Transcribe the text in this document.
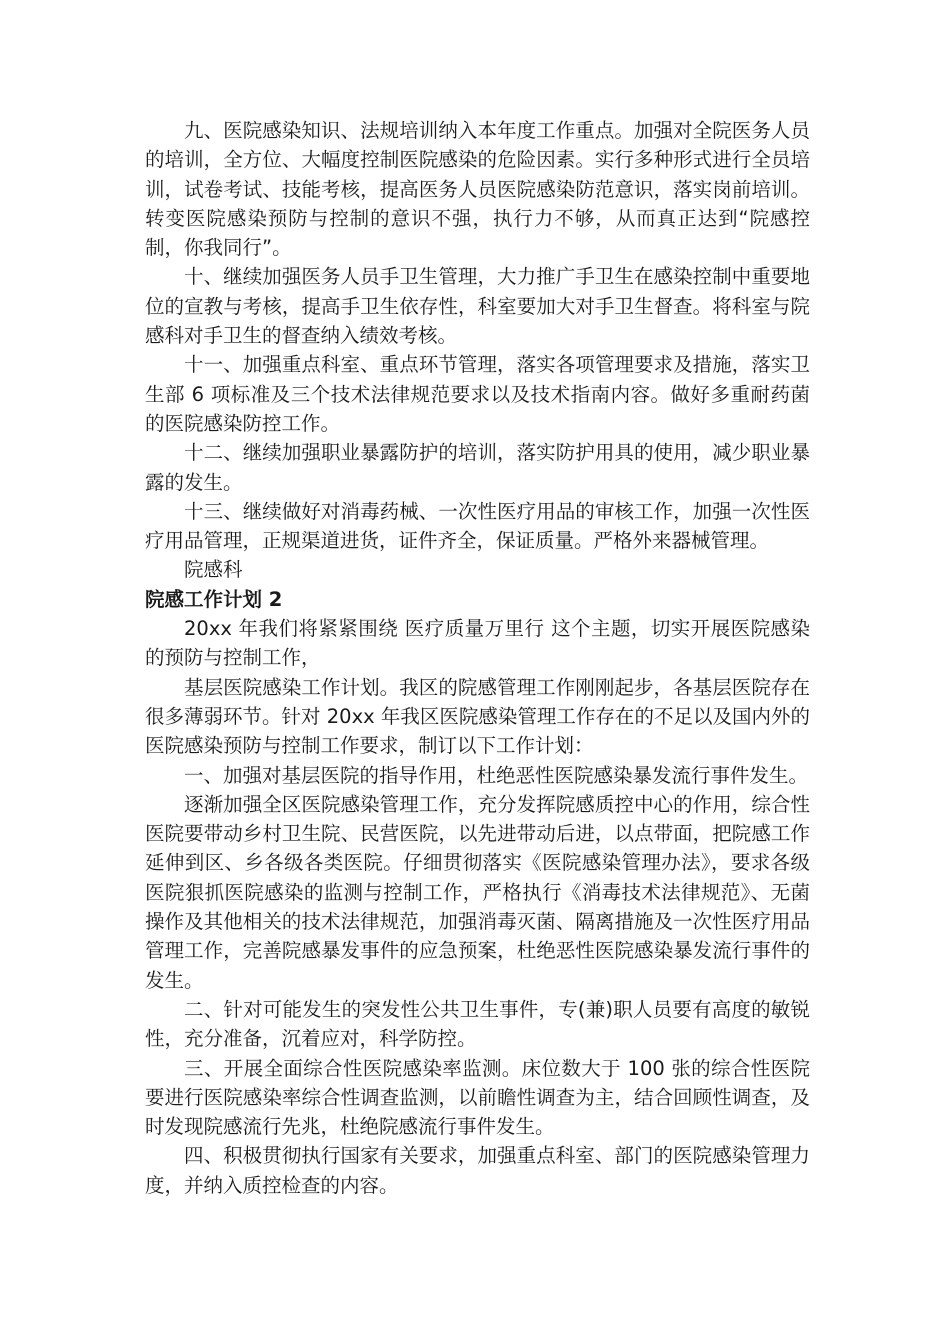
九、医院感染知识、法规培训纳入本年度工作重点。加强对全院医务人员的培训，全方位、大幅度控制医院感染的危险因素。实行多种形式进行全员培训，试卷考试、技能考核，提高医务人员医院感染防范意识，落实岗前培训。转变医院感染预防与控制的意识不强，执行力不够，从而真正达到“院感控制，你我同行”。

十、继续加强医务人员手卫生管理，大力推广手卫生在感染控制中重要地位的宣教与考核，提高手卫生依存性，科室要加大对手卫生督查。将科室与院感科对手卫生的督查纳入绩效考核。

十一、加强重点科室、重点环节管理，落实各项管理要求及措施，落实卫生部 6 项标准及三个技术法律规范要求以及技术指南内容。做好多重耐药菌的医院感染防控工作。

十二、继续加强职业暴露防护的培训，落实防护用具的使用，减少职业暴露的发生。

十三、继续做好对消毒药械、一次性医疗用品的审核工作，加强一次性医疗用品管理，正规渠道进货，证件齐全，保证质量。严格外来器械管理。

院感科

院感工作计划 2

20xx 年我们将紧紧围绕 医疗质量万里行 这个主题，切实开展医院感染的预防与控制工作，

基层医院感染工作计划。我区的院感管理工作刚刚起步，各基层医院存在很多薄弱环节。针对 20xx 年我区医院感染管理工作存在的不足以及国内外的医院感染预防与控制工作要求，制订以下工作计划：

一、加强对基层医院的指导作用，杜绝恶性医院感染暴发流行事件发生。

逐渐加强全区医院感染管理工作，充分发挥院感质控中心的作用，综合性医院要带动乡村卫生院、民营医院，以先进带动后进，以点带面，把院感工作延伸到区、乡各级各类医院。仔细贯彻落实《医院感染管理办法》，要求各级医院狠抓医院感染的监测与控制工作，严格执行《消毒技术法律规范》、无菌操作及其他相关的技术法律规范，加强消毒灭菌、隔离措施及一次性医疗用品管理工作，完善院感暴发事件的应急预案，杜绝恶性医院感染暴发流行事件的发生。

二、针对可能发生的突发性公共卫生事件，专(兼)职人员要有高度的敏锐性，充分准备，沉着应对，科学防控。

三、开展全面综合性医院感染率监测。床位数大于 100 张的综合性医院要进行医院感染率综合性调查监测，以前瞻性调查为主，结合回顾性调查，及时发现院感流行先兆，杜绝院感流行事件发生。

四、积极贯彻执行国家有关要求，加强重点科室、部门的医院感染管理力度，并纳入质控检查的内容。
